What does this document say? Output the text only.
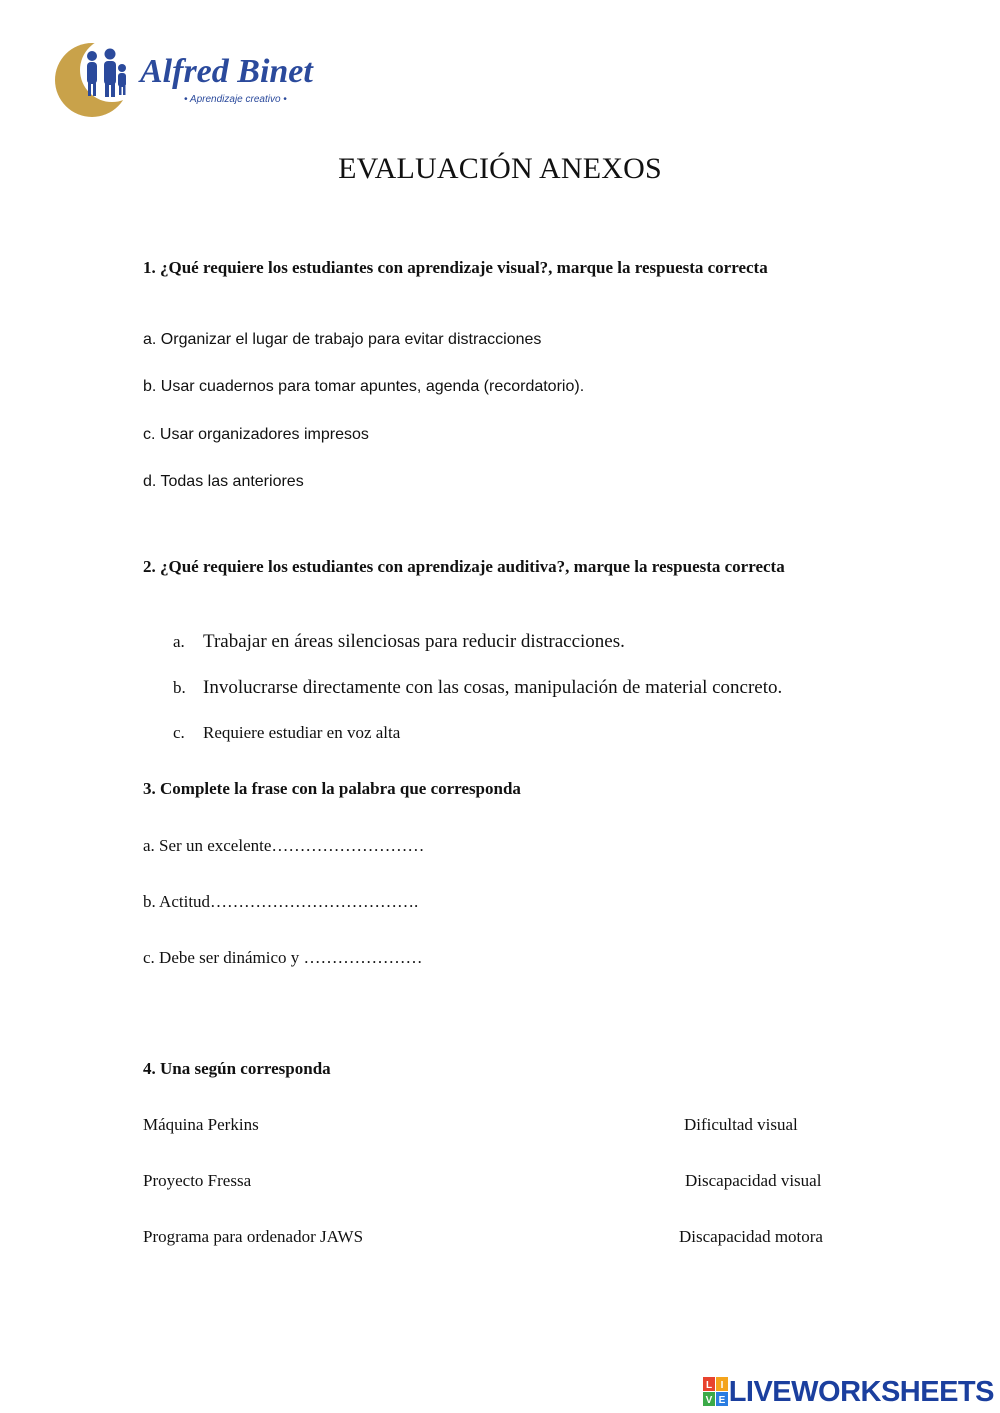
Alfred Binet
• Aprendizaje creativo •
EVALUACIÓN ANEXOS
1. ¿Qué requiere los estudiantes con aprendizaje visual?, marque la respuesta correcta
a. Organizar el lugar de trabajo para evitar distracciones
b. Usar cuadernos para tomar apuntes, agenda (recordatorio).
c. Usar organizadores impresos
d. Todas las anteriores
2. ¿Qué requiere los estudiantes con aprendizaje auditiva?, marque la respuesta correcta
a. Trabajar en áreas silenciosas para reducir distracciones.
b. Involucrarse directamente con las cosas, manipulación de material concreto.
c. Requiere estudiar en voz alta
3. Complete la frase con la palabra que corresponda
a. Ser un excelente………………………
b. Actitud……………………………….
c. Debe ser dinámico y …………………
4. Una según corresponda
Máquina Perkins
Proyecto Fressa
Programa para ordenador JAWS
Dificultad visual
Discapacidad visual
Discapacidad motora
L I
V E LIVEWORKSHEETS
